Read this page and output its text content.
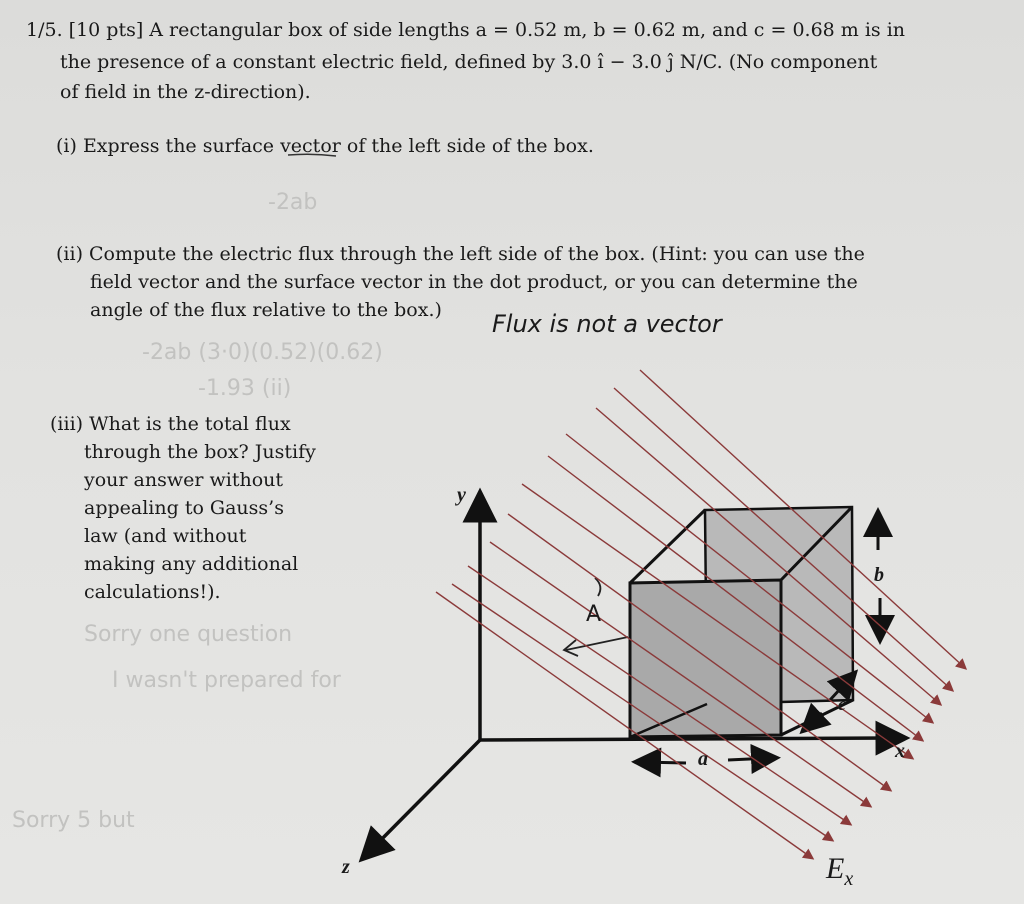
-2ab
-2ab (3·0)(0.52)(0.62)
-1.93 (ii)
Sorry one question
I wasn't prepared for
Sorry 5 but
1/5. [10 pts] A rectangular box of side lengths a = 0.52 m, b = 0.62 m, and c = 0.68 m is in
the presence of a constant electric field, defined by 3.0 î − 3.0 ĵ N/C. (No component
of field in the z-direction).
(i) Express the surface vector of the left side of the box.
(ii) Compute the electric flux through the left side of the box. (Hint: you can use the
field vector and the surface vector in the dot product, or you can determine the
angle of the flux relative to the box.)
(iii) What is the total flux
through the box? Justify
your answer without
appealing to Gauss’s
law (and without
making any additional
calculations!).
Flux is not a vector
y
x
z
a
b
c
A
$E_x$
